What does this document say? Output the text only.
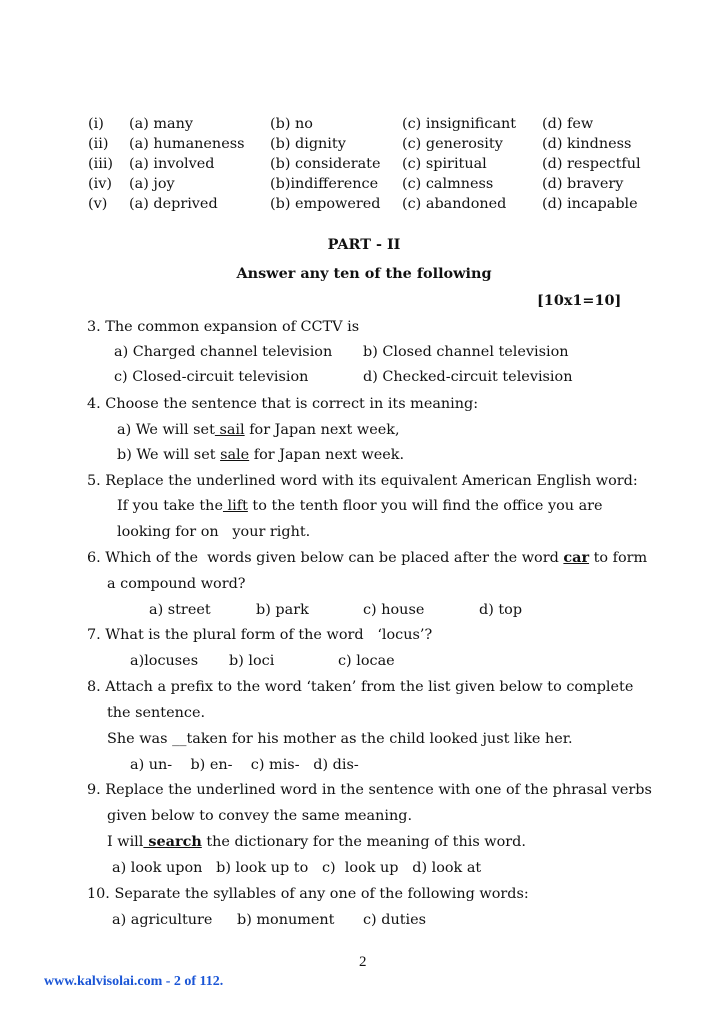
(i) (a) many	(b) no	(c) insignificant (d) few
(ii) (a) humaneness (b) dignity	(c) generosity	(d) kindness
(iii) (a) involved	(b) considerate (c) spiritual	(d) respectful
(iv) (a) joy	(b)indifference (c) calmness	(d) bravery
(v) (a) deprived	(b) empowered (c) abandoned (d) incapable
PART - II
Answer any ten of the following
[10x1=10]
3. The common expansion of CCTV is
a) Charged channel television b) Closed channel television
c) Closed-circuit television	d) Checked-circuit television
4. Choose the sentence that is correct in its meaning:
a) We will set sail for Japan next week,
b) We will set sale for Japan next week.
5. Replace the underlined word with its equivalent American English word:
If you take the lift to the tenth floor you will find the office you are
looking for on   your right.
6. Which of the  words given below can be placed after the word car to form
a compound word?
a) street	b) park	c) house	d) top
7. What is the plural form of the word   ‘locus’?
a)locuses b) loci	c) locae
8. Attach a prefix to the word ‘taken’ from the list given below to complete
the sentence.
She was __taken for his mother as the child looked just like her.
a) un-    b) en-    c) mis-   d) dis-
9. Replace the underlined word in the sentence with one of the phrasal verbs
given below to convey the same meaning.
I will search the dictionary for the meaning of this word.
a) look upon   b) look up to   c)  look up   d) look at
10. Separate the syllables of any one of the following words:
a) agriculture b) monument c) duties
2
www.kalvisolai.com - 2 of 112.
